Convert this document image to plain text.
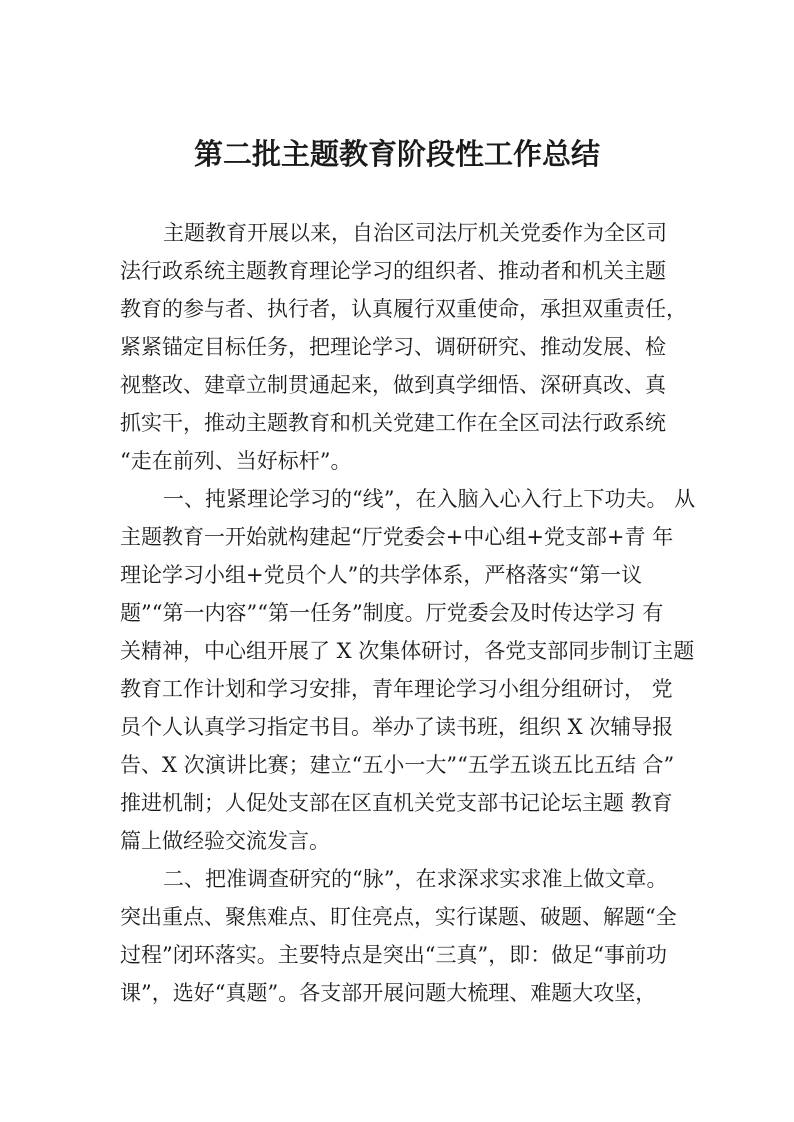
第二批主题教育阶段性工作总结

主题教育开展以来，自治区司法厅机关党委作为全区司

法行政系统主题教育理论学习的组织者、推动者和机关主题

教育的参与者、执行者，认真履行双重使命，承担双重责任，

紧紧锚定目标任务，把理论学习、调研研究、推动发展、检

视整改、建章立制贯通起来，做到真学细悟、深研真改、真

抓实干，推动主题教育和机关党建工作在全区司法行政系统

“走在前列、当好标杆”。

一、扽紧理论学习的“线”，在入脑入心入行上下功夫。 从

主题教育一开始就构建起“厅党委会+中心组+党支部+青 年

理论学习小组+党员个人”的共学体系，严格落实“第一议

题”“第一内容”“第一任务”制度。厅党委会及时传达学习 有

关精神，中心组开展了 X 次集体研讨，各党支部同步制订主题

教育工作计划和学习安排，青年理论学习小组分组研讨， 党

员个人认真学习指定书目。举办了读书班，组织 X 次辅导报

告、X 次演讲比赛；建立“五小一大”“五学五谈五比五结 合”

推进机制；人促处支部在区直机关党支部书记论坛主题 教育

篇上做经验交流发言。

二、把准调查研究的“脉”，在求深求实求准上做文章。

突出重点、聚焦难点、盯住亮点，实行谋题、破题、解题“全

过程”闭环落实。主要特点是突出“三真”，即：做足“事前功

课”，选好“真题”。各支部开展问题大梳理、难题大攻坚，
